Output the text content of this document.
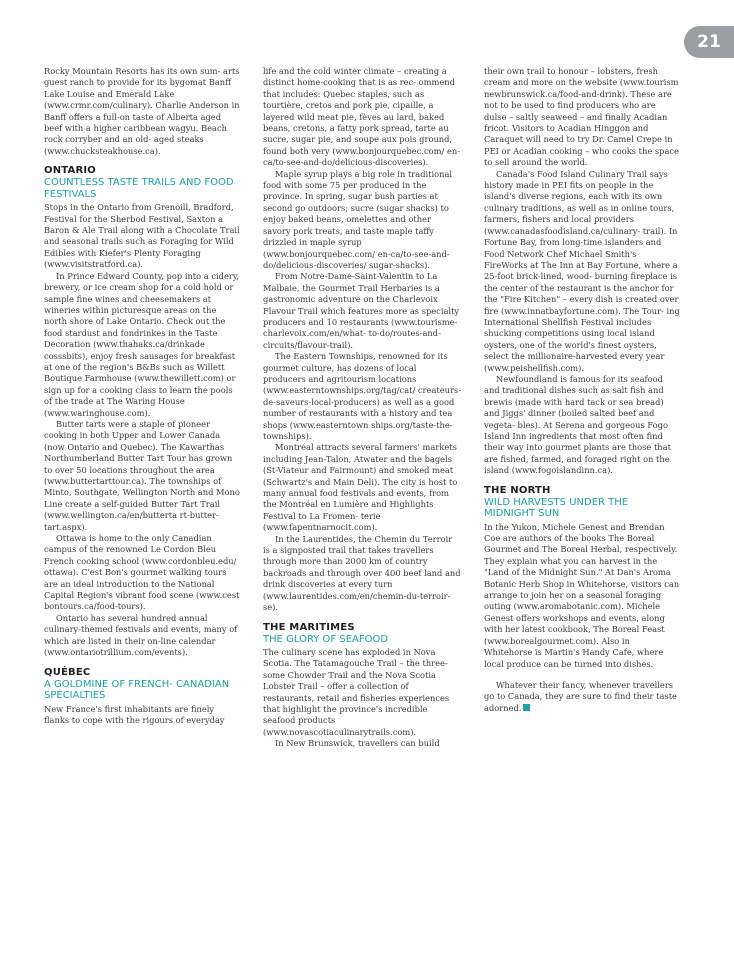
21

Rocky Mountain Resorts has its own sum- arts guest ranch to provide for its bygomat Banff Lake Louise and Emerald Lake (www.crmr.com/culinary). Charlie Anderson in Banff offers a full-on taste of Alberta aged beef with a higher caribbean wagyu. Beach rock corryber and an old- aged steaks (www.chucksteakhouse.ca).

ONTARIO
COUNTLESS TASTE TRAILS AND FOOD FESTIVALS

Stops in the Ontario from Grenoill, Bradford, Festival for the Sherbod Festival, Saxton a Baron & Ale Trail along with a Chocolate Trail and seasonal trails such as Foraging for Wild Edibles with Kiefer's Plenty Foraging (www.visitstratford.ca).

In Prince Edward County, pop into a cidery, brewery, or ice cream shop for a cold hold or sample fine wines and cheesemakers at wineries within picturesque areas on the north shore of Lake Ontario. Check out the food stardust and fondrinkes in the Taste Decoration (www.thahaks.ca/drinkade cosssbits), enjoy fresh sausages for breakfast at one of the region's B&Bs such as Willett Boutique Farmhouse (www.thewillett.com) or sign up for a cooking class to learn the pools of the trade at The Waring House (www.waringhouse.com).

Butter tarts were a staple of pioneer cooking in both Upper and Lower Canada (now Ontario and Quebec). The Kawarthas Northumberland Butter Tart Tour has grown to over 50 locations throughout the area (www.buttertarttour.ca). The townships of Minto, Southgate, Wellington North and Mono Line create a self-guided Butter Tart Trail (www.wellington.ca/en/butterta rt-butter-tart.aspx).

Ottawa is home to the only Canadian campus of the renowned Le Cordon Bleu French cooking school (www.cordonbleu.edu/ ottawa). C'est Bon's gourmet walking tours are an ideal introduction to the National Capital Region's vibrant food scene (www.cest bontours.ca/food-tours).

Ontario has several hundred annual culinary-themed festivals and events, many of which are listed in their on-line calendar (www.ontariotrillium.com/events).

QUÉBEC
A GOLDMINE OF FRENCH- CANADIAN SPECIALTIES

New France's first inhabitants are finely flanks to cope with the rigours of everyday

life and the cold winter climate – creating a distinct home-cooking that is as rec- ommend that includes: Quebec staples, such as tourtière, cretos and pork pie, cipaille, a layered wild meat pie, fèves au lard, baked beans, cretons, a fatty pork spread, tarte au sucre, sugar pie, and soupe aux pois ground, found both very (www.bonjourquebec.com/ en-ca/to-see-and-do/delicious-discoveries).

Maple syrup plays a big role in traditional food with some 75 per produced in the province. In spring, sugar bush parties at second go outdoors; sucre (sugar shacks) to enjoy baked beans, omelettes and other savory pork treats, and taste maple taffy drizzled in maple syrup (www.bonjourquebec.com/ en-ca/to-see-and-do/delicious-discoveries/ sugar-shacks).

From Notre-Dame-Saint-Valentin to La Malbaie, the Gourmet Trail Herbaries is a gastronomic adventure on the Charlevoix Flavour Trail which features more as specialty producers and 10 restaurants (www.tourisme-charlevoix.com/en/what- to-do/routes-and-circuits/flavour-trail).

The Eastern Townships, renowned for its gourmet culture, has dozens of local producers and agritourism locations (www.easterntownships.org/tag/cat/ createurs-de-saveurs-local-producers) as well as a good number of restaurants with a history and tea shops (www.easterntown ships.org/taste-the-townships).

Montréal attracts several farmers' markets including Jean-Talon, Atwater and the bagels (St-Viateur and Fairmount) and smoked meat (Schwartz's and Main Deli). The city is host to many annual food festivals and events, from the Montréal en Lumière and Highlights Festival to La Fromen- terie (www.fapentnarnocit.com).

In the Laurentides, the Chemin du Terroir is a signposted trail that takes travellers through more than 2000 km of country backroads and through over 400 beef land and drink discoveries at every turn (www.laurentides.com/en/chemin-du-terroir-se).

THE MARITIMES
THE GLORY OF SEAFOOD

The culinary scene has exploded in Nova Scotia. The Tatamagouche Trail – the three- some Chowder Trail and the Nova Scotia Lobster Trail – offer a collection of restaurants, retail and fisheries experiences that highlight the province's incredible seafood products (www.novascotiaculinarytrails.com).

In New Brunswick, travellers can build

their own trail to honour – lobsters, fresh cream and more on the website (www.tourism newbrunswick.ca/food-and-drink). These are not to be used to find producers who are dulse – saltly seaweed – and finally Acadian fricot. Visitors to Acadian Hinggon and Caraquet will need to try Dr. Camel Crepe in PEI or Acadian cooking – who cooks the space to sell around the world.

Canada's Food Island Culinary Trail says history made in PEI fits on people in the island's diverse regions, each with its own culinary traditions, as well as in online tours, farmers, fishers and local providers (www.canadasfoodisland.ca/culinary- trail). In Fortune Bay, from long-time islanders and Food Network Chef Michael Smith's FireWorks at The Inn at Bay Fortune, where a 25-foot brick-lined, wood- burning fireplace is the center of the restaurant is the anchor for the "Fire Kitchen" – every dish is created over fire (www.innatbayfortune.com). The Tour- ing International Shellfish Festival includes shucking competitions using local island oysters, one of the world's finest oysters, select the millionaire-harvested every year (www.peishellfish.com).

Newfoundland is famous for its seafood and traditional dishes such as salt fish and brewis (made with hard tack or sea bread) and Jiggs' dinner (boiled salted beef and vegeta- bles). At Serena and gorgeous Fogo Island Inn ingredients that most often find their way into gourmet plants are those that are fished, farmed, and foraged right on the island (www.fogoislandinn.ca).

THE NORTH
WILD HARVESTS UNDER THE MIDNIGHT SUN

In the Yukon, Michele Genest and Brendan Coe are authors of the books The Boreal Gourmet and The Boreal Herbal, respectively. They explain what you can harvest in the "Land of the Midnight Sun." At Dan's Aroma Botanic Herb Shop in Whitehorse, visitors can arrange to join her on a seasonal foraging outing (www.aromabotanic.com). Michele Genest offers workshops and events, along with her latest cookbook, The Boreal Feast (www.borealgourmet.com). Also in Whitehorse is Martin's Handy Cafe, where local produce can be turned into dishes.

Whatever their fancy, whenever travellers go to Canada, they are sure to find their taste adorned.
